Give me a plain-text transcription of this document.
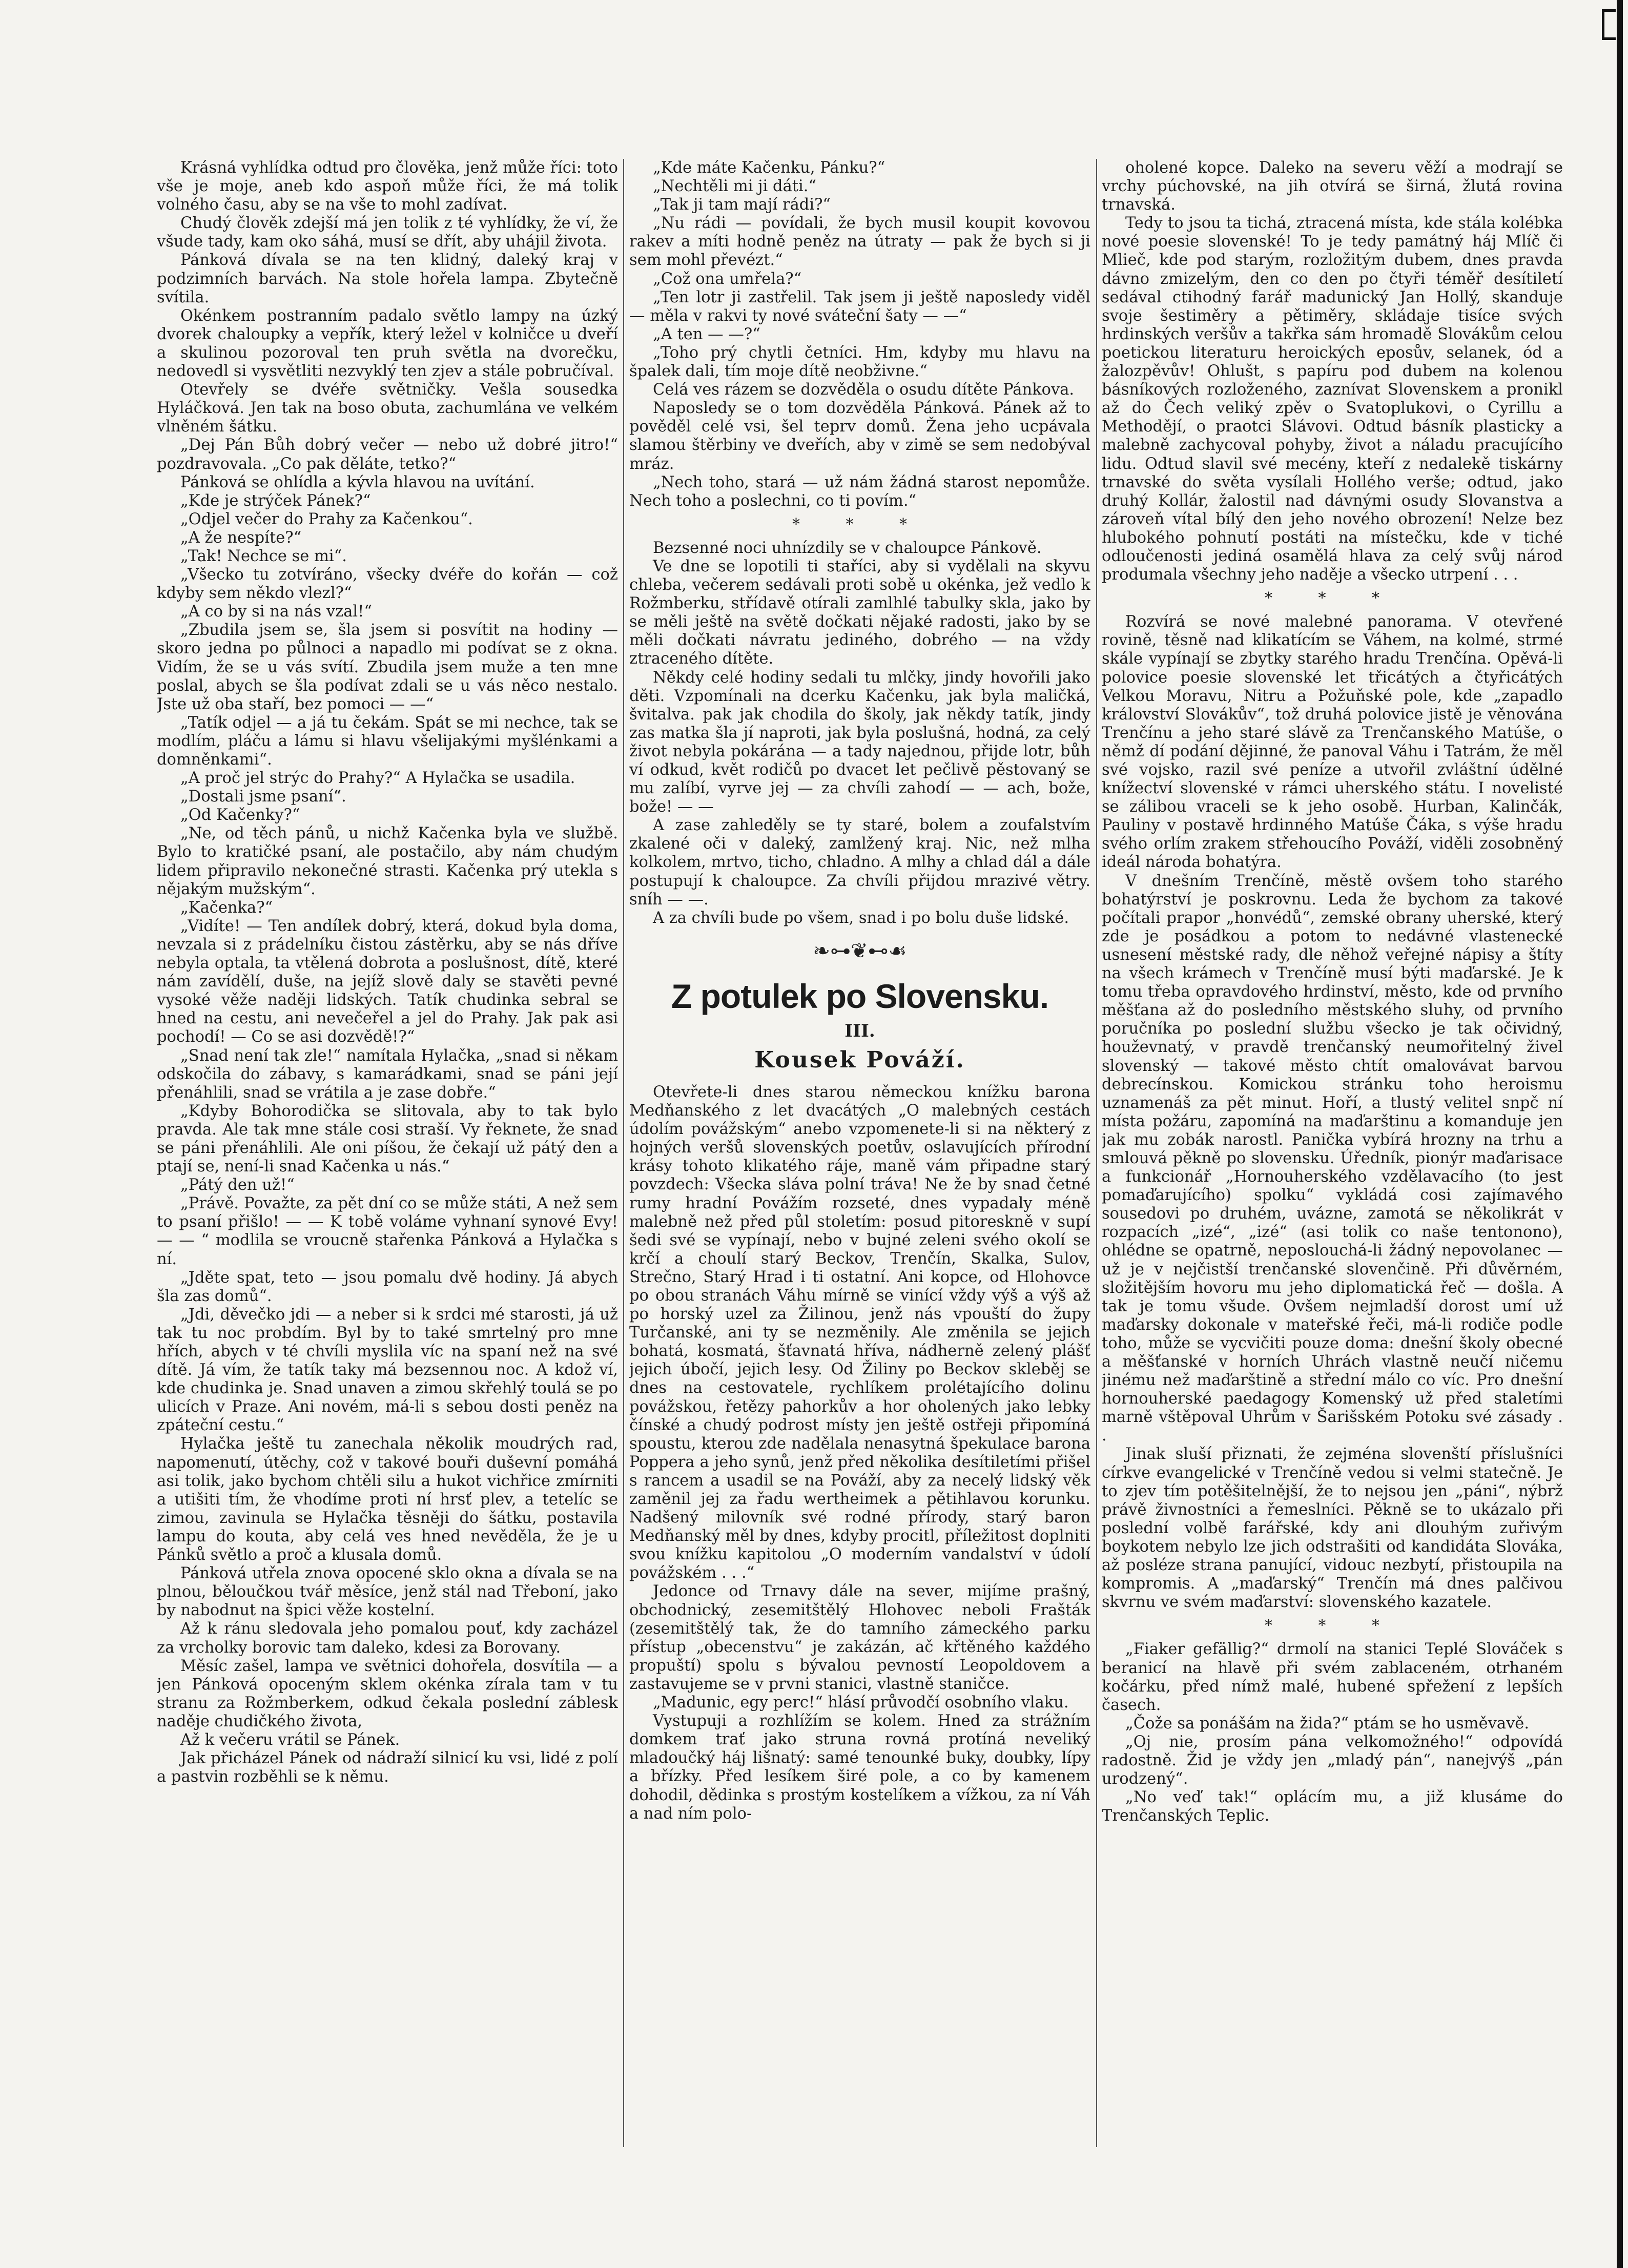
Krásná vyhlídka odtud pro člověka, jenž může říci: toto vše je moje, aneb kdo aspoň může říci, že má tolik volného času, aby se na vše to mohl zadívat.

Chudý člověk zdejší má jen tolik z té vyhlídky, že ví, že všude tady, kam oko sáhá, musí se dřít, aby uhájil života.

Pánková dívala se na ten klidný, daleký kraj v podzimních barvách. Na stole hořela lampa. Zbytečně svítila.

Okénkem postranním padalo světlo lampy na úzký dvorek chaloupky a vepřík, který ležel v kolničce u dveří a skulinou pozoroval ten pruh světla na dvorečku, nedovedl si vysvětliti nezvyklý ten zjev a stále pobručíval.

Otevřely se dvéře světničky. Vešla sousedka Hyláčková. Jen tak na boso obuta, zachumlána ve velkém vlněném šátku.

„Dej Pán Bůh dobrý večer — nebo už dobré jitro!“ pozdravovala. „Co pak děláte, tetko?“

Pánková se ohlídla a kývla hlavou na uvítání.

„Kde je strýček Pánek?“

„Odjel večer do Prahy za Kačenkou“.

„A že nespíte?“

„Tak! Nechce se mi“.

„Všecko tu zotvíráno, všecky dvéře do kořán — což kdyby sem někdo vlezl?“

„A co by si na nás vzal!“

„Zbudila jsem se, šla jsem si posvítit na hodiny — skoro jedna po půlnoci a napadlo mi podívat se z okna. Vidím, že se u vás svítí. Zbudila jsem muže a ten mne poslal, abych se šla podívat zdali se u vás něco nestalo. Jste už oba staří, bez pomoci — —“

„Tatík odjel — a já tu čekám. Spát se mi nechce, tak se modlím, pláču a lámu si hlavu všelijakými myšlénkami a domněnkami“.

„A proč jel strýc do Prahy?“ A Hylačka se usadila.

„Dostali jsme psaní“.

„Od Kačenky?“

„Ne, od těch pánů, u nichž Kačenka byla ve službě. Bylo to kratičké psaní, ale postačilo, aby nám chudým lidem připravilo nekonečné strasti. Kačenka prý utekla s nějakým mužským“.

„Kačenka?“

„Vidíte! — Ten andílek dobrý, která, dokud byla doma, nevzala si z prádelníku čistou zástěrku, aby se nás dříve nebyla optala, ta vtělená dobrota a poslušnost, dítě, které nám zavídělí, duše, na jejíž slově daly se stavěti pevné vysoké věže naději lidských. Tatík chudinka sebral se hned na cestu, ani nevečeřel a jel do Prahy. Jak pak asi pochodí! — Co se asi dozvědě!?“

„Snad není tak zle!“ namítala Hylačka, „snad si někam odskočila do zábavy, s kamarádkami, snad se páni její přenáhlili, snad se vrátila a je zase dobře.“

„Kdyby Bohorodička se slitovala, aby to tak bylo pravda. Ale tak mne stále cosi straší. Vy řeknete, že snad se páni přenáhlili. Ale oni píšou, že čekají už pátý den a ptají se, není-li snad Kačenka u nás.“

„Pátý den už!“

„Právě. Považte, za pět dní co se může státi, A než sem to psaní přišlo! — — K tobě voláme vyhnaní synové Evy! — — “ modlila se vroucně stařenka Pánková a Hylačka s ní.

„Jděte spat, teto — jsou pomalu dvě hodiny. Já abych šla zas domů“.

„Jdi, děvečko jdi — a neber si k srdci mé starosti, já už tak tu noc probdím. Byl by to také smrtelný pro mne hřích, abych v té chvíli myslila víc na spaní než na své dítě. Já vím, že tatík taky má bezsennou noc. A kdož ví, kde chudinka je. Snad unaven a zimou skřehlý toulá se po ulicích v Praze. Ani novém, má-li s sebou dosti peněz na zpáteční cestu.“

Hylačka ještě tu zanechala několik moudrých rad, napomenutí, útěchy, což v takové bouři duševní pomáhá asi tolik, jako bychom chtěli silu a hukot vichřice zmírniti a utišiti tím, že vhodíme proti ní hrsť plev, a tetelíc se zimou, zavinula se Hylačka těsněji do šátku, postavila lampu do kouta, aby celá ves hned nevěděla, že je u Pánků světlo a proč a klusala domů.

Pánková utřela znova opocené sklo okna a dívala se na plnou, běloučkou tvář měsíce, jenž stál nad Třeboní, jako by nabodnut na špici věže kostelní.

Až k ránu sledovala jeho pomalou pouť, kdy zacházel za vrcholky borovic tam daleko, kdesi za Borovany.

Měsíc zašel, lampa ve světnici dohořela, dosvítila — a jen Pánková opoceným sklem okénka zírala tam v tu stranu za Rožmberkem, odkud čekala poslední záblesk naděje chudičkého života,

Až k večeru vrátil se Pánek.

Jak přicházel Pánek od nádraží silnicí ku vsi, lidé z polí a pastvin rozběhli se k němu.

„Kde máte Kačenku, Pánku?“

„Nechtěli mi ji dáti.“

„Tak ji tam mají rádi?“

„Nu rádi — povídali, že bych musil koupit kovovou rakev a míti hodně peněz na útraty — pak že bych si ji sem mohl převézt.“

„Což ona umřela?“

„Ten lotr ji zastřelil. Tak jsem ji ještě naposledy viděl — měla v rakvi ty nové sváteční šaty — —“

„A ten — —?“

„Toho prý chytli četníci. Hm, kdyby mu hlavu na špalek dali, tím moje dítě neobživne.“

Celá ves rázem se dozvěděla o osudu dítěte Pánkova.

Naposledy se o tom dozvěděla Pánková. Pánek až to pověděl celé vsi, šel teprv domů. Žena jeho ucpávala slamou štěrbiny ve dveřích, aby v zimě se sem nedobýval mráz.

„Nech toho, stará — už nám žádná starost nepomůže. Nech toho a poslechni, co ti povím.“

* * *

Bezsenné noci uhnízdily se v chaloupce Pánkově.

Ve dne se lopotili ti staříci, aby si vydělali na skyvu chleba, večerem sedávali proti sobě u okénka, jež vedlo k Rožmberku, střídavě otírali zamlhlé tabulky skla, jako by se měli ještě na světě dočkati nějaké radosti, jako by se měli dočkati návratu jediného, dobrého — na vždy ztraceného dítěte.

Někdy celé hodiny sedali tu mlčky, jindy hovořili jako děti. Vzpomínali na dcerku Kačenku, jak byla maličká, švitalva. pak jak chodila do školy, jak někdy tatík, jindy zas matka šla jí naproti, jak byla poslušná, hodná, za celý život nebyla pokárána — a tady najednou, přijde lotr, bůh ví odkud, květ rodičů po dvacet let pečlivě pěstovaný se mu zalíbí, vyrve jej — za chvíli zahodí — — ach, bože, bože! — —

A zase zahleděly se ty staré, bolem a zoufalstvím zkalené oči v daleký, zamlžený kraj. Nic, než mlha kolkolem, mrtvo, ticho, chladno. A mlhy a chlad dál a dále postupují k chaloupce. Za chvíli přijdou mrazivé větry. sníh — —.

A za chvíli bude po všem, snad i po bolu duše lidské.

❧⊶❦⊷☙
Z potulek po Slovensku.
III.
Kousek Pováží.

Otevřete-li dnes starou německou knížku barona Medňanského z let dvacátých „O malebných cestách údolím povážským“ anebo vzpomenete-li si na některý z hojných veršů slovenských poetův, oslavujících přírodní krásy tohoto klikatého ráje, maně vám připadne starý povzdech: Všecka sláva polní tráva! Ne že by snad četné rumy hradní Povážím rozseté, dnes vypadaly méně malebně než před půl stoletím: posud pitoreskně v supí šedi své se vypínají, nebo v bujné zeleni svého okolí se krčí a choulí starý Beckov, Trenčín, Skalka, Sulov, Strečno, Starý Hrad i ti ostatní. Ani kopce, od Hlohovce po obou stranách Váhu mírně se vinící vždy výš a výš až po horský uzel za Žilinou, jenž nás vpouští do župy Turčanské, ani ty se nezměnily. Ale změnila se jejich bohatá, kosmatá, šťavnatá hříva, nádherně zelený plášť jejich úbočí, jejich lesy. Od Žiliny po Beckov skleběj se dnes na cestovatele, rychlíkem prolétajícího dolinu povážskou, řetězy pahorkův a hor oholených jako lebky čínské a chudý podrost místy jen ještě ostřeji připomíná spoustu, kterou zde nadělala nenasytná špekulace barona Poppera a jeho synů, jenž před několika desítiletími přišel s rancem a usadil se na Pováží, aby za necelý lidský věk zaměnil jej za řadu wertheimek a pětihlavou korunku. Nadšený milovník své rodné přírody, starý baron Medňanský měl by dnes, kdyby procitl, příležitost doplniti svou knížku kapitolou „O moderním vandalství v údolí povážském . . .“

Jedonce od Trnavy dále na sever, mijíme prašný, obchodnický, zesemitštělý Hlohovec neboli Frašták (zesemitštělý tak, že do tamního zámeckého parku přístup „obecenstvu“ je zakázán, ač křtěného každého propuští) spolu s bývalou pevností Leopoldovem a zastavujeme se v prvni stanici, vlastně staničce.

„Madunic, egy perc!“ hlásí průvodčí osobního vlaku.

Vystupuji a rozhlížím se kolem. Hned za strážním domkem trať jako struna rovná protíná neveliký mladoučký háj lišnatý: samé tenounké buky, doubky, lípy a břízky. Před lesíkem širé pole, a co by kamenem dohodil, dědinka s prostým kostelíkem a vížkou, za ní Váh a nad ním polo-

oholené kopce. Daleko na severu věží a modrají se vrchy púchovské, na jih otvírá se širná, žlutá rovina trnavská.

Tedy to jsou ta tichá, ztracená místa, kde stála kolébka nové poesie slovenské! To je tedy památný háj Mlíč či Mlieč, kde pod starým, rozložitým dubem, dnes pravda dávno zmizelým, den co den po čtyři téměř desítiletí sedával ctihodný farář madunický Jan Hollý, skanduje svoje šestiměry a pětiměry, skládaje tisíce svých hrdinských veršův a takřka sám hromadě Slovákům celou poetickou literaturu heroických eposův, selanek, ód a žalozpěvův! Ohlušt, s papíru pod dubem na kolenou básníkových rozloženého, zaznívat Slovenskem a pronikl až do Čech veliký zpěv o Svatoplukovi, o Cyrillu a Methodějí, o praotci Slávovi. Odtud básník plasticky a malebně zachycoval pohyby, život a náladu pracujícího lidu. Odtud slavil své mecény, kteří z nedalekě tiskárny trnavské do světa vysílali Hollého verše; odtud, jako druhý Kollár, žalostil nad dávnými osudy Slovanstva a zároveň vítal bílý den jeho nového obrození! Nelze bez hlubokého pohnutí postáti na místečku, kde v tiché odloučenosti jediná osamělá hlava za celý svůj národ produmala všechny jeho naděje a všecko utrpení . . .

* * *

Rozvírá se nové malebné panorama. V otevřené rovině, těsně nad klikatícím se Váhem, na kolmé, strmé skále vypínají se zbytky starého hradu Trenčína. Opěvá-li polovice poesie slovenské let třicátých a čtyřicátých Velkou Moravu, Nitru a Požuňské pole, kde „zapadlo království Slovákův“, tož druhá polovice jistě je věnována Trenčínu a jeho staré slávě za Trenčanského Matúše, o němž dí podání dějinné, že panoval Váhu i Tatrám, že měl své vojsko, razil své peníze a utvořil zvláštní údělné knížectví slovenské v rámci uherského státu. I novelisté se zálibou vraceli se k jeho osobě. Hurban, Kalinčák, Pauliny v postavě hrdinného Matúše Čáka, s výše hradu svého orlím zrakem střehoucího Pováží, viděli zosobněný ideál národa bohatýra.

V dnešním Trenčíně, městě ovšem toho starého bohatýrství je poskrovnu. Leda že bychom za takové počítali prapor „honvédů“, zemské obrany uherské, který zde je posádkou a potom to nedávné vlastenecké usnesení městské rady, dle něhož veřejné nápisy a štíty na všech krámech v Trenčíně musí býti maďarské. Je k tomu třeba opravdového hrdinství, město, kde od prvního měšťana až do posledního městského sluhy, od prvního poručníka po poslední službu všecko je tak očividný, houževnatý, v pravdě trenčanský neumořitelný živel slovenský — takové město chtít omalovávat barvou debrecínskou. Komickou stránku toho heroismu uznamenáš za pět minut. Hoří, a tlustý velitel snpč ní místa požáru, zapomíná na maďarštinu a komanduje jen jak mu zobák narostl. Panička vybírá hrozny na trhu a smlouvá pěkně po slovensku. Úředník, pionýr maďarisace a funkcionář „Hornouherského vzdělavacího (to jest pomaďarujícího) spolku“ vykládá cosi zajímavého sousedovi po druhém, uvázne, zamotá se několikrát v rozpacích „izé“, „izé“ (asi tolik co naše tentonono), ohlédne se opatrně, neposlouchá-li žádný nepovolanec — už je v nejčistší trenčanské slovenčině. Při důvěrném, složitějším hovoru mu jeho diplomatická řeč — došla. A tak je tomu všude. Ovšem nejmladší dorost umí už maďarsky dokonale v mateřské řeči, má-li rodiče podle toho, může se vycvičiti pouze doma: dnešní školy obecné a měšťanské v horních Uhrách vlastně neučí ničemu jinému než maďarštině a střední málo co víc. Pro dnešní hornouherské paedagogy Komenský už před staletími marně vštěpoval Uhrům v Šarišském Potoku své zásady . .

Jinak sluší přiznati, že zejména slovenští příslušníci církve evangelické v Trenčíně vedou si velmi statečně. Je to zjev tím potěšitelnější, že to nejsou jen „páni“, nýbrž právě živnostníci a řemeslníci. Pěkně se to ukázalo při poslední volbě farářské, kdy ani dlouhým zuřivým boykotem nebylo lze jich odstrašiti od kandidáta Slováka, až posléze strana panující, vidouc nezbytí, přistoupila na kompromis. A „maďarský“ Trenčín má dnes palčivou skvrnu ve svém maďarství: slovenského kazatele.

* * *

„Fiaker gefällig?“ drmolí na stanici Teplé Slováček s beranicí na hlavě při svém zablaceném, otrhaném kočárku, před nímž malé, hubené spřežení z lepších časech.

„Čože sa ponášám na žida?“ ptám se ho usměvavě.

„Oj nie, prosím pána velkomožného!“ odpovídá radostně. Žid je vždy jen „mladý pán“, nanejvýš „pán urodzený“.

„No veď tak!“ oplácím mu, a již klusáme do Trenčanských Teplic.
